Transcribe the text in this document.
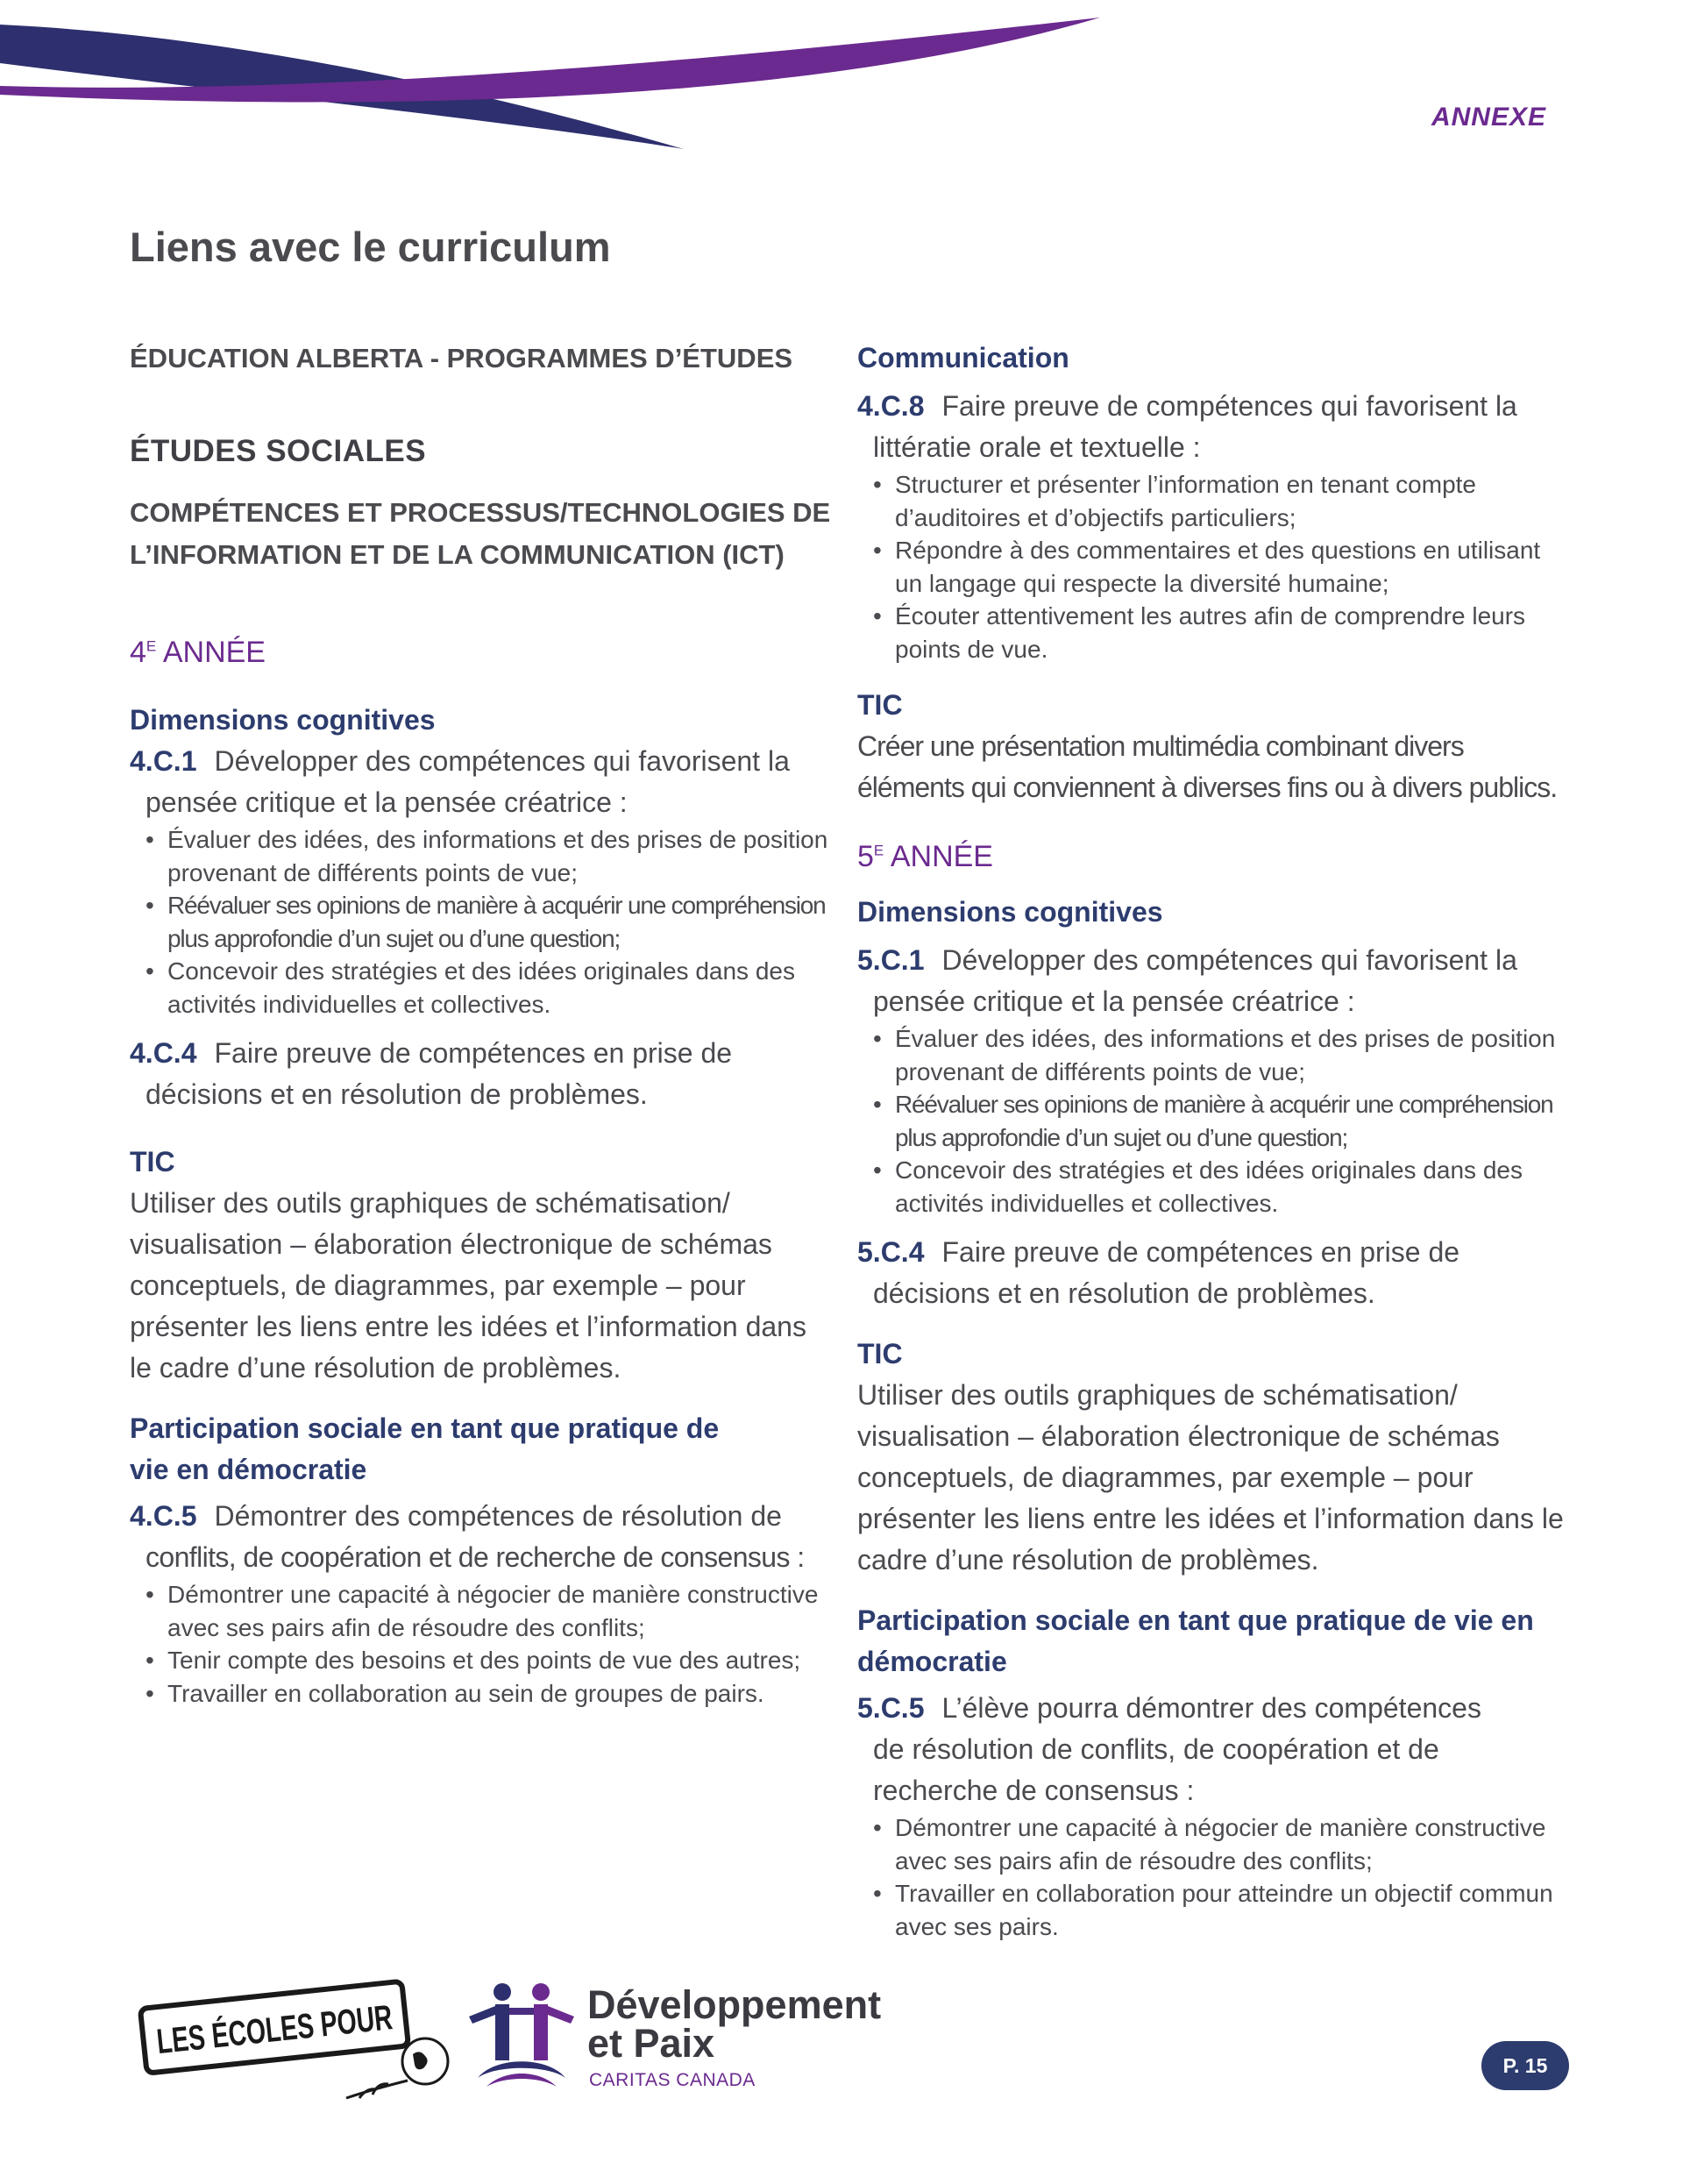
ANNEXE
Liens avec le curriculum

ÉDUCATION ALBERTA - PROGRAMMES D’ÉTUDES

ÉTUDES SOCIALES

COMPÉTENCES ET PROCESSUS/TECHNOLOGIES DE L’INFORMATION ET DE LA COMMUNICATION (ICT)

$4^E$ ANNÉE

Dimensions cognitives

4.C.1 Développer des compétences qui favorisent la
pensée critique et la pensée créatrice :

• Évaluer des idées, des informations et des prises de position provenant de différents points de vue;
• Réévaluer ses opinions de manière à acquérir une compréhension plus approfondie d’un sujet ou d’une question;
• Concevoir des stratégies et des idées originales dans des activités individuelles et collectives.

4.C.4 Faire preuve de compétences en prise de
décisions et en résolution de problèmes.

TIC

Utiliser des outils graphiques de schématisation/ visualisation – élaboration électronique de schémas conceptuels, de diagrammes, par exemple – pour présenter les liens entre les idées et l’information dans le cadre d’une résolution de problèmes.

Participation sociale en tant que pratique de vie en démocratie

4.C.5 Démontrer des compétences de résolution de
conflits, de coopération et de recherche de consensus :

• Démontrer une capacité à négocier de manière constructive avec ses pairs afin de résoudre des conflits;
• Tenir compte des besoins et des points de vue des autres;
• Travailler en collaboration au sein de groupes de pairs.

Communication

4.C.8 Faire preuve de compétences qui favorisent la
littératie orale et textuelle :

• Structurer et présenter l’information en tenant compte d’auditoires et d’objectifs particuliers;
• Répondre à des commentaires et des questions en utilisant un langage qui respecte la diversité humaine;
• Écouter attentivement les autres afin de comprendre leurs points de vue.

TIC

Créer une présentation multimédia combinant divers éléments qui conviennent à diverses fins ou à divers publics.

$5^E$ ANNÉE

Dimensions cognitives

5.C.1 Développer des compétences qui favorisent la
pensée critique et la pensée créatrice :

• Évaluer des idées, des informations et des prises de position provenant de différents points de vue;
• Réévaluer ses opinions de manière à acquérir une compréhension plus approfondie d’un sujet ou d’une question;
• Concevoir des stratégies et des idées originales dans des activités individuelles et collectives.

5.C.4 Faire preuve de compétences en prise de
décisions et en résolution de problèmes.

TIC

Utiliser des outils graphiques de schématisation/ visualisation – élaboration électronique de schémas conceptuels, de diagrammes, par exemple – pour présenter les liens entre les idées et l’information dans le cadre d’une résolution de problèmes.

Participation sociale en tant que pratique de vie en démocratie

5.C.5 L’élève pourra démontrer des compétences
de résolution de conflits, de coopération et de recherche de consensus :

• Démontrer une capacité à négocier de manière constructive avec ses pairs afin de résoudre des conflits;
• Travailler en collaboration pour atteindre un objectif commun avec ses pairs.
LES ÉCOLES POUR Développement
et Paix
CARITAS CANADA
P. 15
